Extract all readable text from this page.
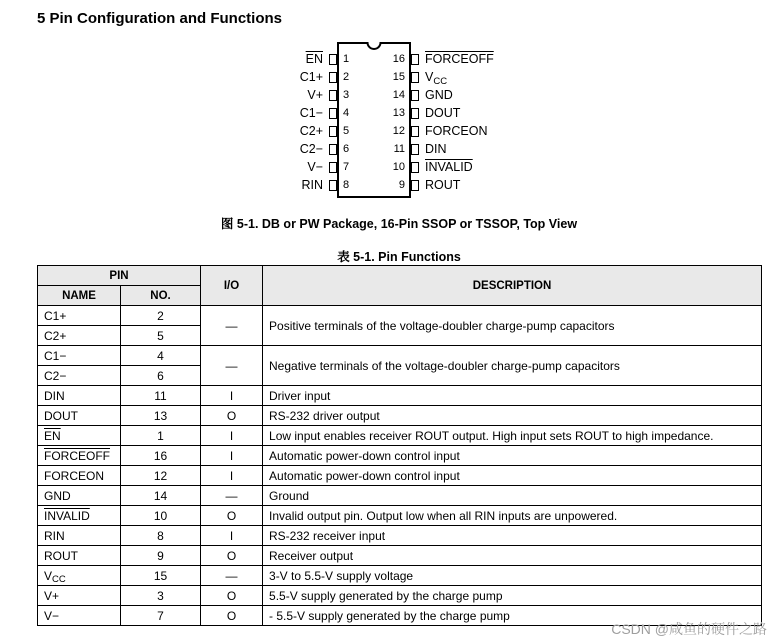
5 Pin Configuration and Functions
$\overline{EN}$
C1+
V+
C1−
C2+
C2−
V−
RIN
1
2
3
4
5
6
7
8
16
15
14
13
12
11
10
9
FORCEOFF
$V_{CC}$
GND
DOUT
FORCEON
DIN
INVALID
ROUT
图 5-1. DB or PW Package, 16-Pin SSOP or TSSOP, Top View
表 5-1. Pin Functions
PIN		I/O	DESCRIPTION
NAME	NO.		
C1+	2	—	Positive terminals of the voltage-doubler charge-pump capacitors
C2+	5		
C1−	4	—	Negative terminals of the voltage-doubler charge-pump capacitors
C2−	6		
DIN	11	I	Driver input
DOUT	13	O	RS-232 driver output
$\overline{EN}$	1	I	Low input enables receiver ROUT output. High input sets ROUT to high impedance.
FORCEOFF	16	I	Automatic power-down control input
FORCEON	12	I	Automatic power-down control input
GND	14	—	Ground
INVALID	10	O	Invalid output pin. Output low when all RIN inputs are unpowered.
RIN	8	I	RS-232 receiver input
ROUT	9	O	Receiver output
$V_{CC}$	15	—	3-V to 5.5-V supply voltage
V+	3	O	5.5-V supply generated by the charge pump
V−	7	O	- 5.5-V supply generated by the charge pump
CSDN @咸鱼的硬件之路
